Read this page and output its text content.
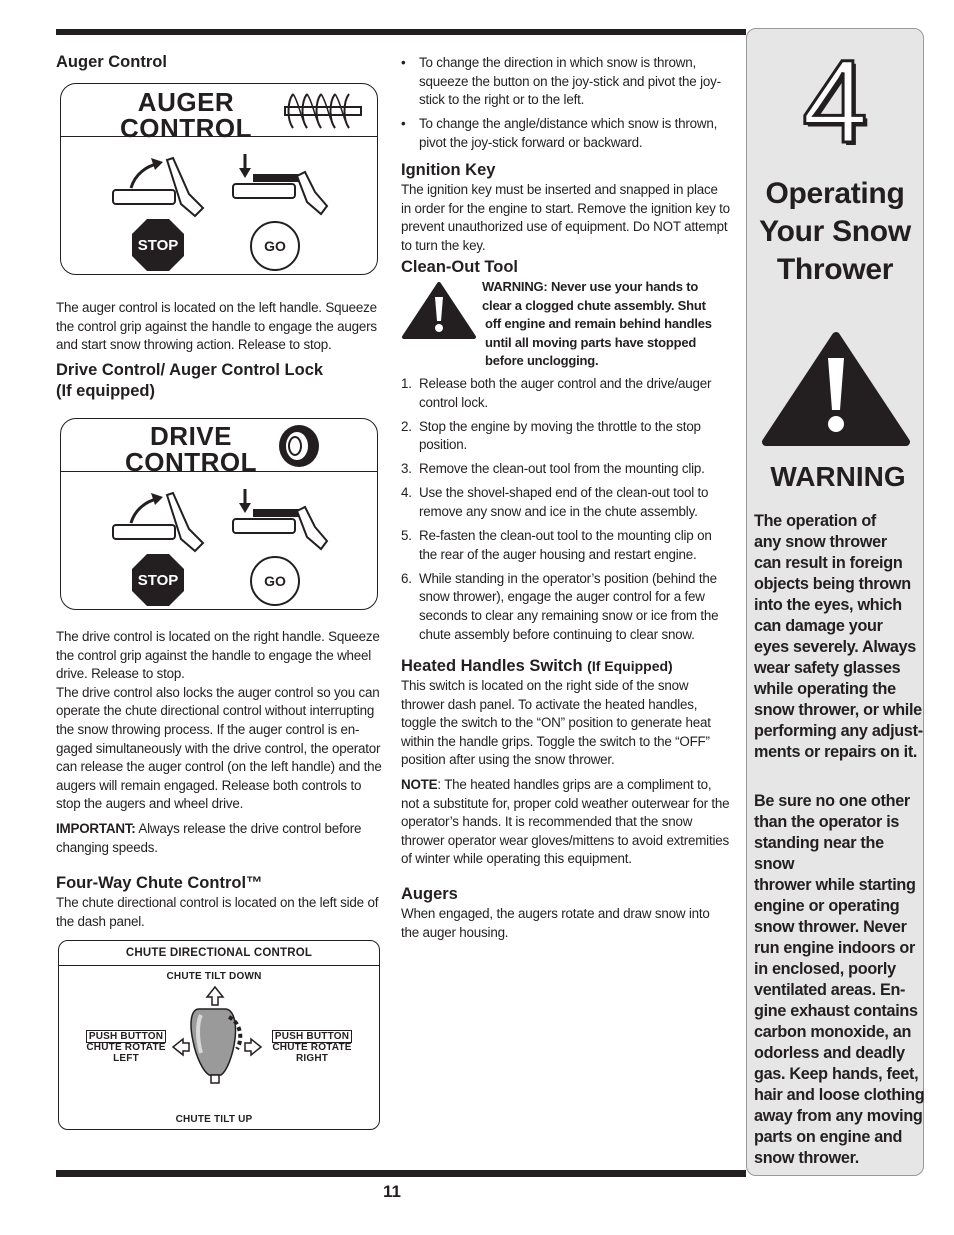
Auger Control

AUGER
CONTROL
STOP	GO

The auger control is located on the left handle. Squeeze the control grip against the handle to engage the augers and start snow throwing action. Release to stop.

Drive Control/ Auger Control Lock

(If equipped)

DRIVE
CONTROL
STOP	GO

The drive control is located on the right handle. Squeeze the control grip against the handle to engage the wheel drive. Release to stop.

The drive control also locks the auger control so you can operate the chute directional control without interrupting the snow throwing process. If the auger control is en-gaged simultaneously with the drive control, the operator can release the auger control (on the left handle) and the augers will remain engaged. Release both controls to stop the augers and wheel drive.

IMPORTANT: Always release the drive control before changing speeds.

Four-Way Chute Control™

The chute directional control is located on the left side of the dash panel.

CHUTE DIRECTIONAL CONTROL
CHUTE TILT DOWN
CHUTE TILT UP
PUSH BUTTON
CHUTE ROTATE
LEFT
PUSH BUTTON
CHUTE ROTATE
RIGHT
• To change the direction in which snow is thrown, squeeze the button on the joy-stick and pivot the joy-stick to the right or to the left.
• To change the angle/distance which snow is thrown, pivot the joy-stick forward or backward.

Ignition Key

The ignition key must be inserted and snapped in place in order for the engine to start. Remove the ignition key to prevent unauthorized use of equipment. Do NOT attempt to turn the key.

Clean-Out Tool

WARNING: Never use your hands to
clear a clogged chute assembly. Shut
off engine and remain behind handles
until all moving parts have stopped
before unclogging.
1. Release both the auger control and the drive/auger control lock.
2. Stop the engine by moving the throttle to the stop position.
3. Remove the clean-out tool from the mounting clip.
4. Use the shovel-shaped end of the clean-out tool to remove any snow and ice in the chute assembly.
5. Re-fasten the clean-out tool to the mounting clip on the rear of the auger housing and restart engine.
6. While standing in the operator’s position (behind the snow thrower), engage the auger control for a few seconds to clear any remaining snow or ice from the chute assembly before continuing to clear snow.

Heated Handles Switch (If Equipped)

This switch is located on the right side of the snow thrower dash panel. To activate the heated handles, toggle the switch to the “ON” position to generate heat within the handle grips. Toggle the switch to the “OFF” position after using the snow thrower.

NOTE: The heated handles grips are a compliment to, not a substitute for, proper cold weather outerwear for the operator’s hands. It is recommended that the snow thrower operator wear gloves/mittens to avoid extremities of winter while operating this equipment.

Augers

When engaged, the augers rotate and draw snow into the auger housing.

4
Operating
Your Snow
Thrower
WARNING
The operation of
any snow thrower
can result in foreign
objects being thrown
into the eyes, which
can damage your
eyes severely. Always
wear safety glasses
while operating the
snow thrower, or while
performing any adjust-
ments or repairs on it.
Be sure no one other
than the operator is
standing near the snow
thrower while starting
engine or operating
snow thrower. Never
run engine indoors or
in enclosed, poorly
ventilated areas. En-
gine exhaust contains
carbon monoxide, an
odorless and deadly
gas. Keep hands, feet,
hair and loose clothing
away from any moving
parts on engine and
snow thrower.
11
